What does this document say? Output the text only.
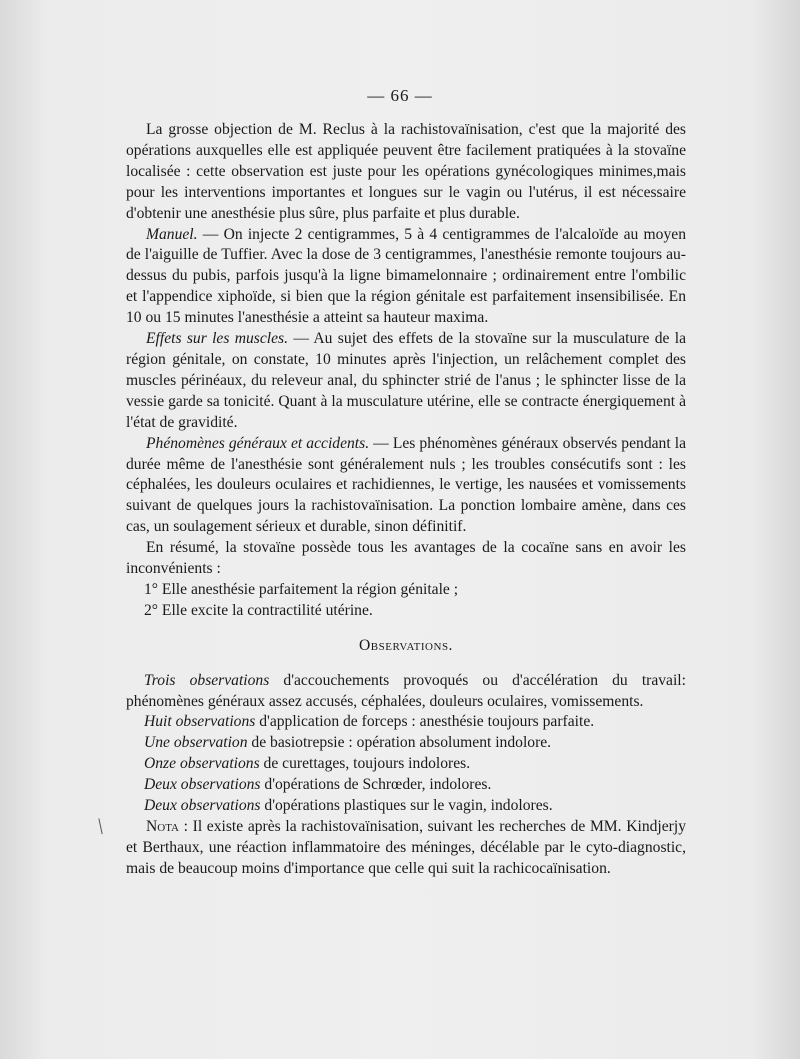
— 66 —

La grosse objection de M. Reclus à la rachistovaïnisation, c'est que la majorité des opérations auxquelles elle est appliquée peuvent être facilement pratiquées à la stovaïne localisée : cette observation est juste pour les opérations gynécologiques minimes,mais pour les interventions importantes et longues sur le vagin ou l'utérus, il est nécessaire d'obtenir une anesthésie plus sûre, plus parfaite et plus durable.

Manuel. — On injecte 2 centigrammes, 5 à 4 centigrammes de l'alcaloïde au moyen de l'aiguille de Tuffier. Avec la dose de 3 centigrammes, l'anesthésie remonte toujours au-dessus du pubis, parfois jusqu'à la ligne bimamelonnaire ; ordinairement entre l'ombilic et l'appendice xiphoïde, si bien que la région génitale est parfaitement insensibilisée. En 10 ou 15 minutes l'anesthésie a atteint sa hauteur maxima.

Effets sur les muscles. — Au sujet des effets de la stovaïne sur la musculature de la région génitale, on constate, 10 minutes après l'injection, un relâchement complet des muscles périnéaux, du releveur anal, du sphincter strié de l'anus ; le sphincter lisse de la vessie garde sa tonicité. Quant à la musculature utérine, elle se contracte énergiquement à l'état de gravidité.

Phénomènes généraux et accidents. — Les phénomènes généraux observés pendant la durée même de l'anesthésie sont généralement nuls ; les troubles consécutifs sont : les céphalées, les douleurs oculaires et rachidiennes, le vertige, les nausées et vomissements suivant de quelques jours la rachistovaïnisation. La ponction lombaire amène, dans ces cas, un soulagement sérieux et durable, sinon définitif.

En résumé, la stovaïne possède tous les avantages de la cocaïne sans en avoir les inconvénients :

1° Elle anesthésie parfaitement la région génitale ;

2° Elle excite la contractilité utérine.

Observations.

Trois observations d'accouchements provoqués ou d'accélération du travail: phénomènes généraux assez accusés, céphalées, douleurs oculaires, vomissements.

Huit observations d'application de forceps : anesthésie toujours parfaite.

Une observation de basiotrepsie : opération absolument indolore.

Onze observations de curettages, toujours indolores.

Deux observations d'opérations de Schrœder, indolores.

Deux observations d'opérations plastiques sur le vagin, indolores.

Nota : Il existe après la rachistovaïnisation, suivant les recherches de MM. Kindjerjy et Berthaux, une réaction inflammatoire des méninges, décélable par le cyto-diagnostic, mais de beaucoup moins d'importance que celle qui suit la rachicocaïnisation.
